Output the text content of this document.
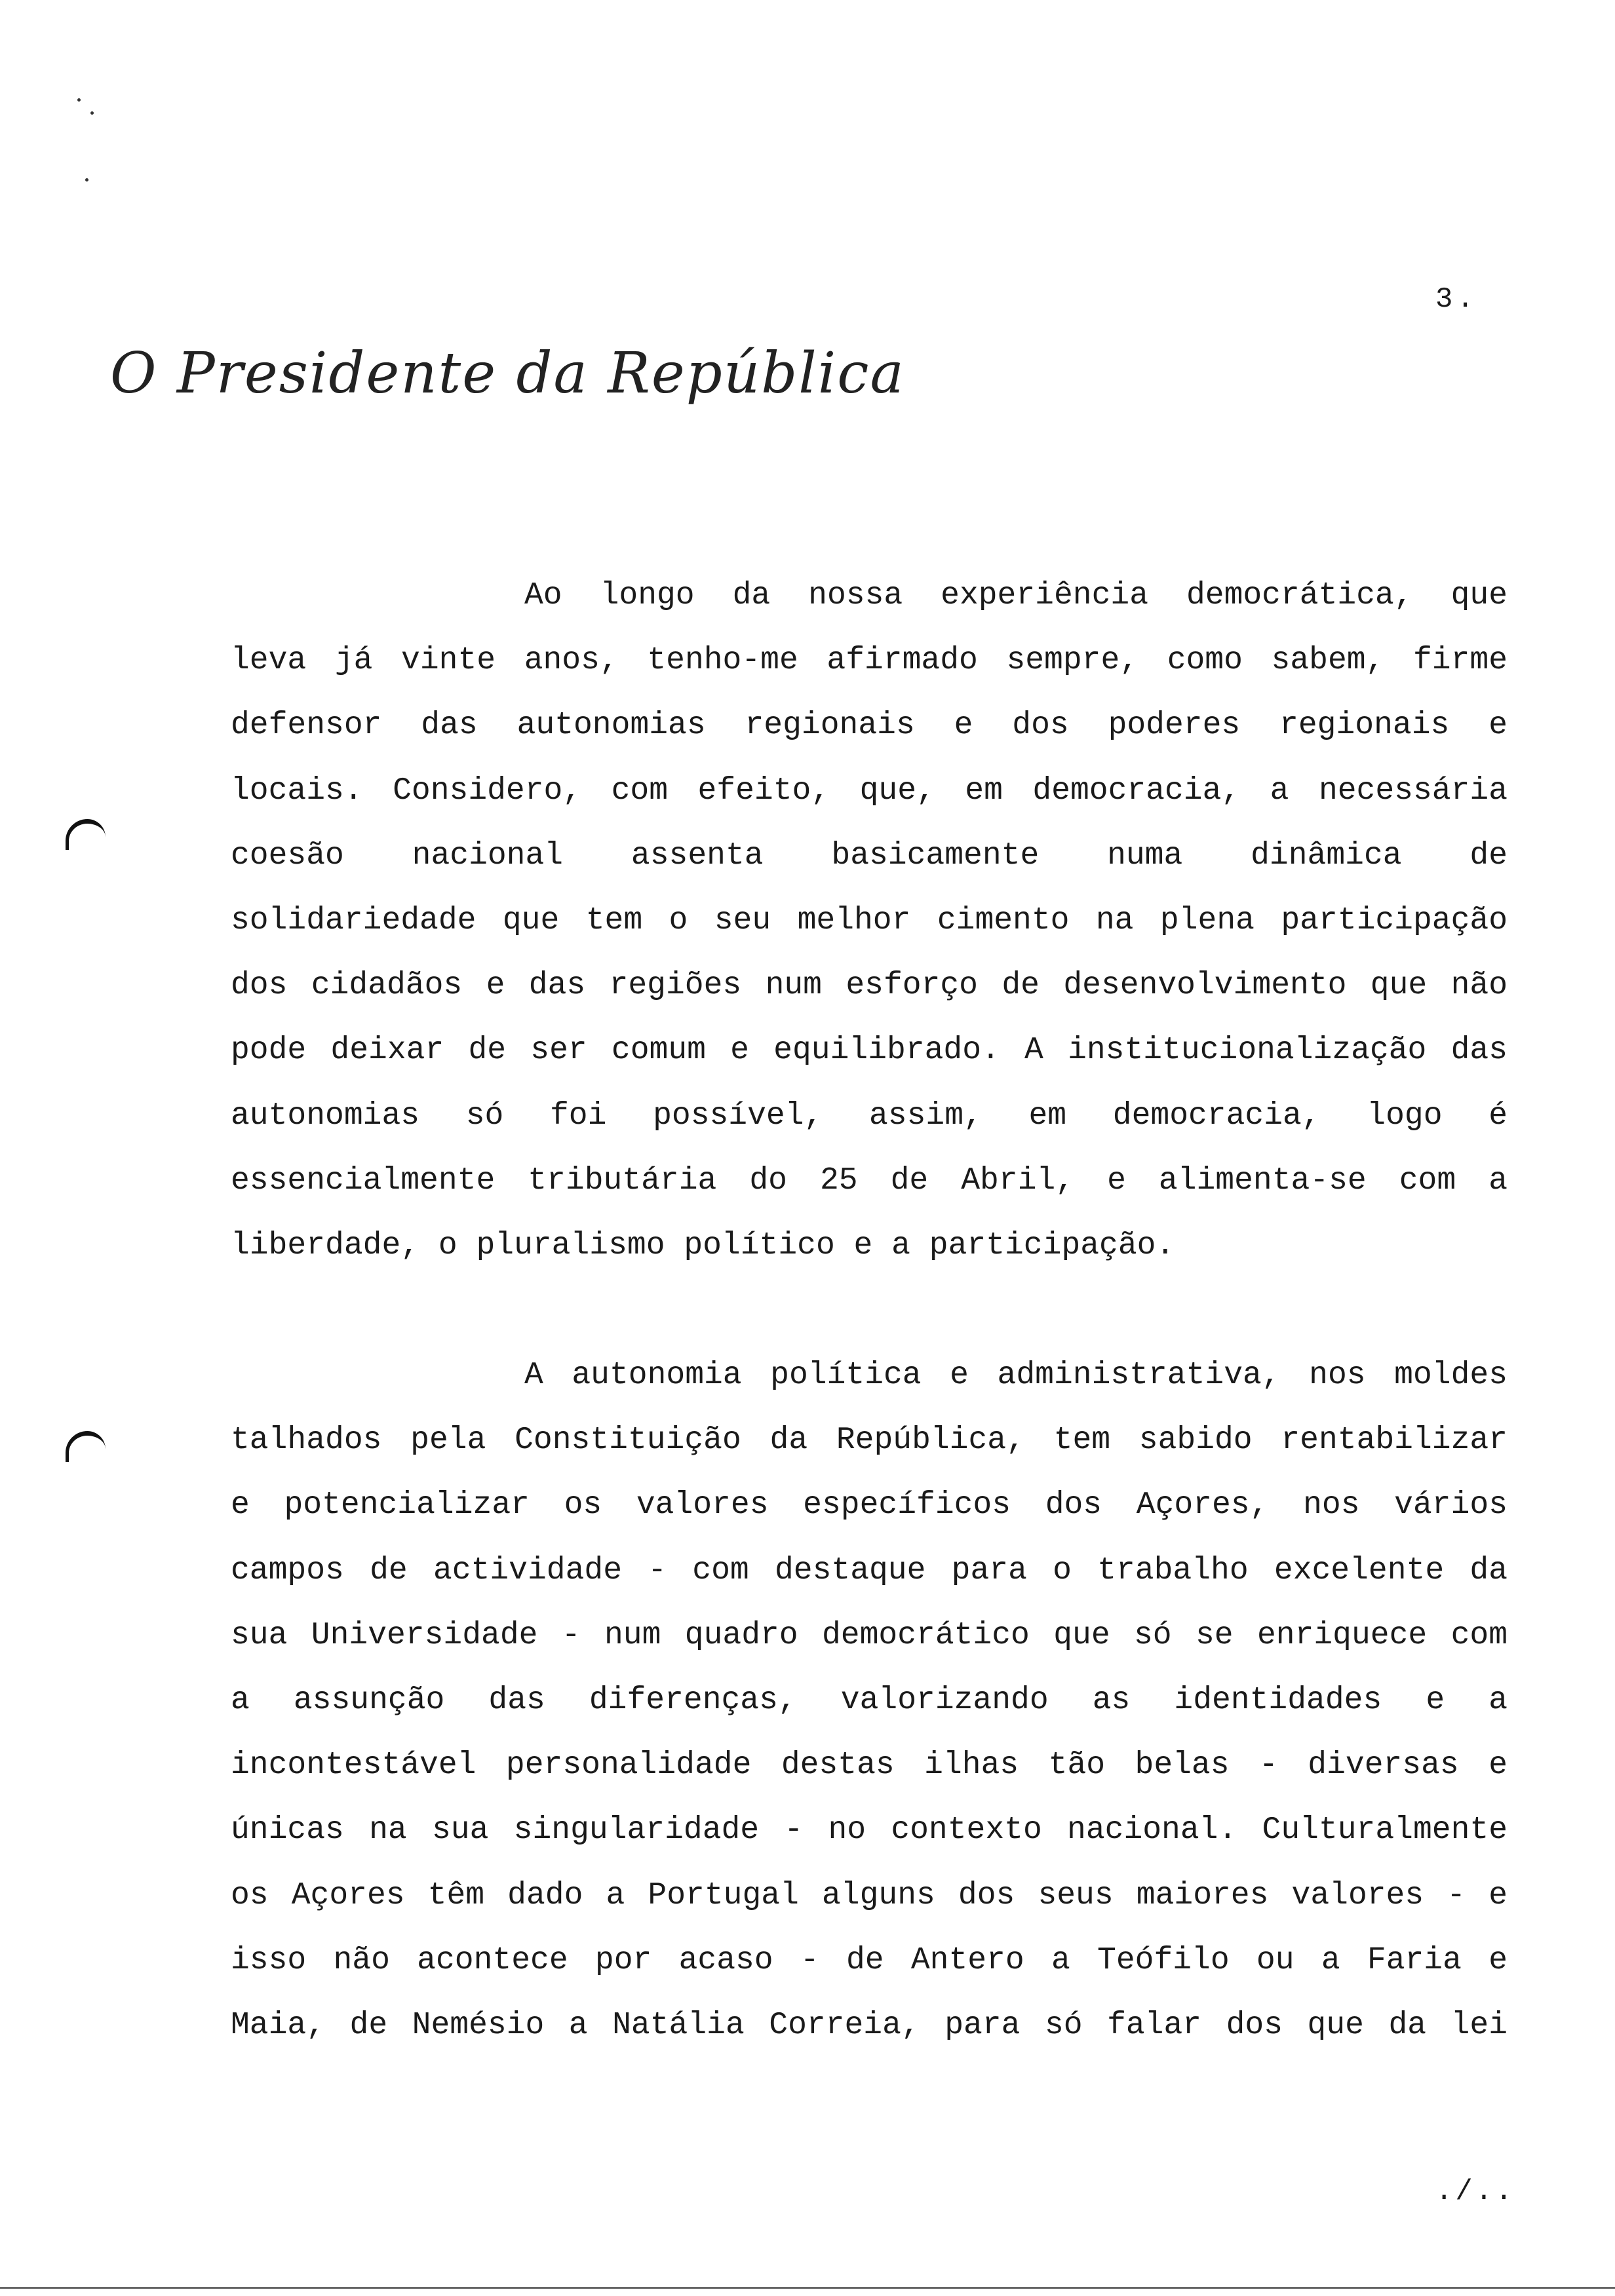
3.
O Presidente da República
Ao longo da nossa experiência democrática, que
leva já vinte anos, tenho-me afirmado sempre, como sabem, firme
defensor das autonomias regionais e dos poderes regionais e
locais. Considero, com efeito, que, em democracia, a necessária
coesão nacional assenta basicamente numa dinâmica de
solidariedade que tem o seu melhor cimento na plena participação
dos cidadãos e das regiões num esforço de desenvolvimento que não
pode deixar de ser comum e equilibrado. A institucionalização das
autonomias só foi possível, assim, em democracia, logo é
essencialmente tributária do 25 de Abril, e alimenta-se com a
liberdade, o pluralismo político e a participação.
A autonomia política e administrativa, nos moldes
talhados pela Constituição da República, tem sabido rentabilizar
e potencializar os valores específicos dos Açores, nos vários
campos de actividade - com destaque para o trabalho excelente da
sua Universidade - num quadro democrático que só se enriquece com
a assunção das diferenças, valorizando as identidades e a
incontestável personalidade destas ilhas tão belas - diversas e
únicas na sua singularidade - no contexto nacional. Culturalmente
os Açores têm dado a Portugal alguns dos seus maiores valores - e
isso não acontece por acaso - de Antero a Teófilo ou a Faria e
Maia, de Nemésio a Natália Correia, para só falar dos que da lei
./..
